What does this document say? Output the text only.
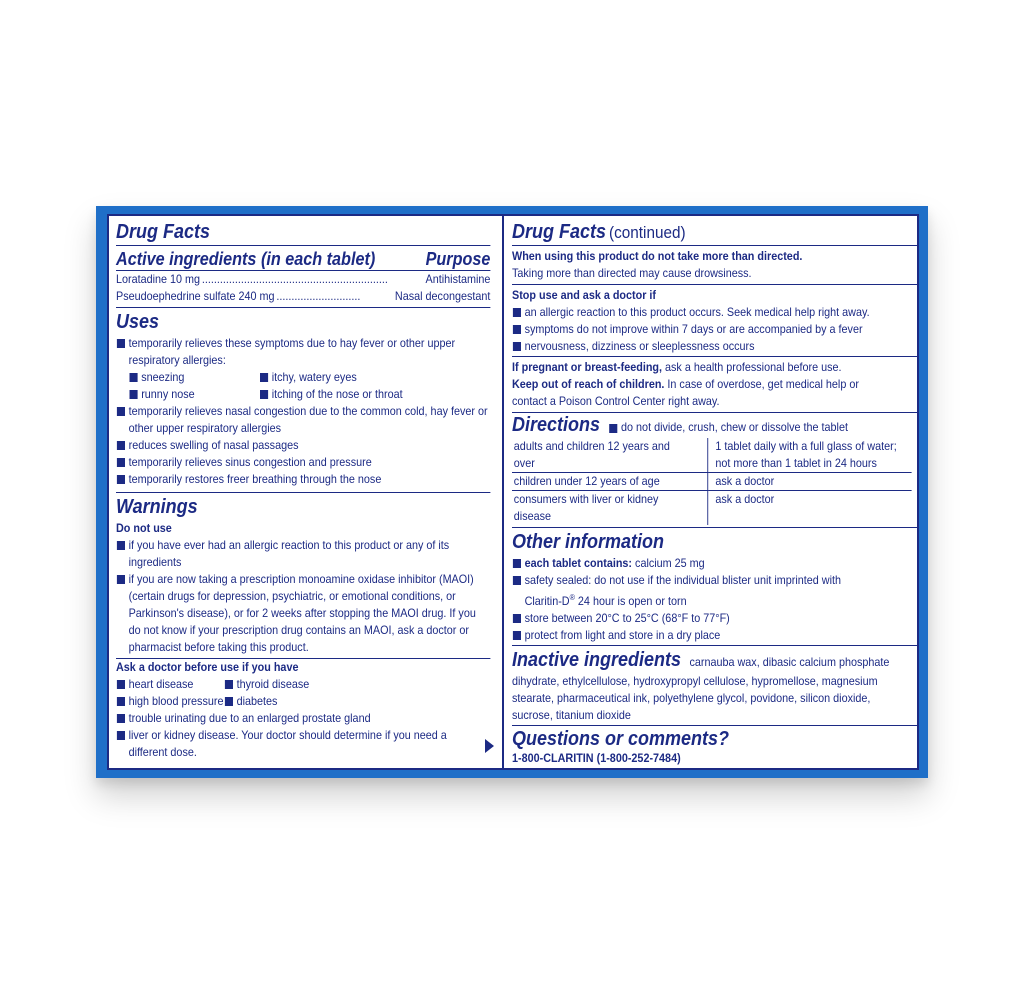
Drug Facts
Active ingredients (in each tablet)	Purpose
Loratadine 10 mg ..............................................................	Antihistamine
Pseudoephedrine sulfate 240 mg ............................	Nasal decongestant
Uses
temporarily relieves these symptoms due to hay fever or other upper respiratory allergies:
sneezing	itchy, watery eyes
runny nose	itching of the nose or throat
temporarily relieves nasal congestion due to the common cold, hay fever or other upper respiratory allergies
reduces swelling of nasal passages
temporarily relieves sinus congestion and pressure
temporarily restores freer breathing through the nose
Warnings
Do not use
if you have ever had an allergic reaction to this product or any of its ingredients
if you are now taking a prescription monoamine oxidase inhibitor (MAOI) (certain drugs for depression, psychiatric, or emotional conditions, or Parkinson's disease), or for 2 weeks after stopping the MAOI drug. If you do not know if your prescription drug contains an MAOI, ask a doctor or pharmacist before taking this product.
Ask a doctor before use if you have
heart disease	thyroid disease
high blood pressure	diabetes
trouble urinating due to an enlarged prostate gland
liver or kidney disease. Your doctor should determine if you need a different dose.
Drug Facts (continued)
When using this product do not take more than directed.
Taking more than directed may cause drowsiness.
Stop use and ask a doctor if
an allergic reaction to this product occurs. Seek medical help right away.
symptoms do not improve within 7 days or are accompanied by a fever
nervousness, dizziness or sleeplessness occurs
If pregnant or breast-feeding, ask a health professional before use.
Keep out of reach of children. In case of overdose, get medical help or contact a Poison Control Center right away.
Directions do not divide, crush, chew or dissolve the tablet
adults and children 12 years and over	1 tablet daily with a full glass of water; not more than 1 tablet in 24 hours
children under 12 years of age	ask a doctor
consumers with liver or kidney disease	ask a doctor
Other information
each tablet contains: calcium 25 mg
safety sealed: do not use if the individual blister unit imprinted with Claritin-D® 24 hour is open or torn
store between 20°C to 25°C (68°F to 77°F)
protect from light and store in a dry place
Inactive ingredients carnauba wax, dibasic calcium phosphate dihydrate, ethylcellulose, hydroxypropyl cellulose, hypromellose, magnesium stearate, pharmaceutical ink, polyethylene glycol, povidone, silicon dioxide, sucrose, titanium dioxide
Questions or comments?
1-800-CLARITIN (1-800-252-7484)
